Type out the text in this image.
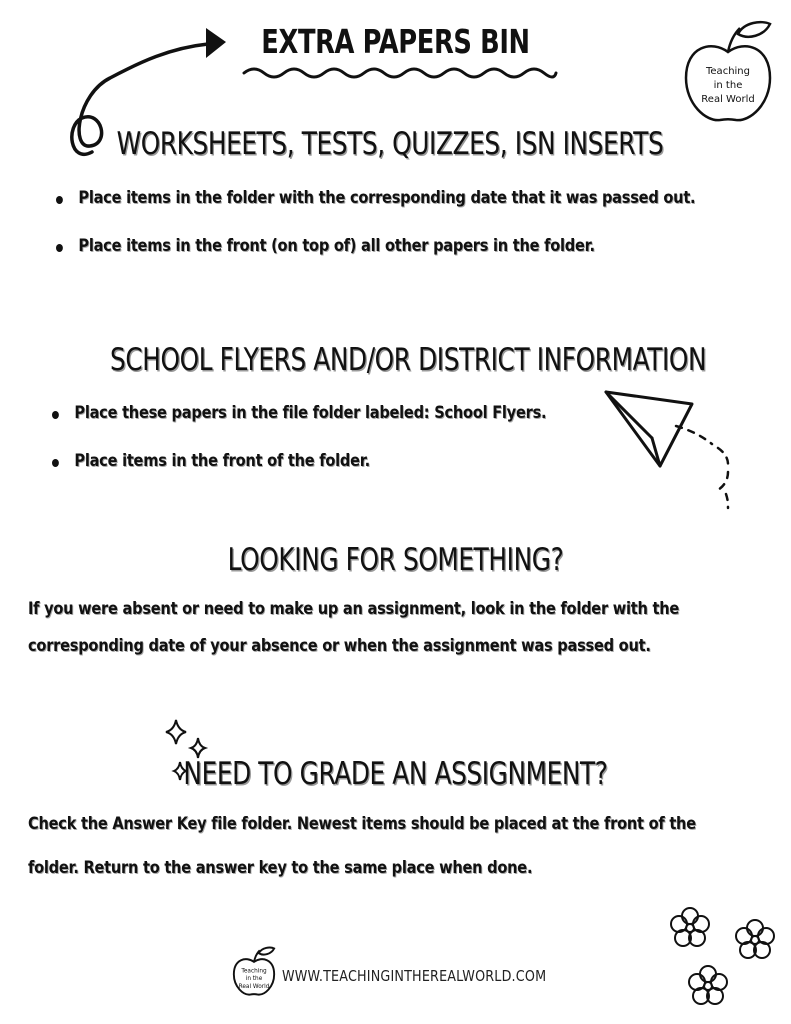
EXTRA PAPERS BIN
Teaching
in the
Real World
WORKSHEETS, TESTS, QUIZZES, ISN INSERTS
Place items in the folder with the corresponding date that it was passed out.
Place items in the front (on top of) all other papers in the folder.
SCHOOL FLYERS AND/OR DISTRICT INFORMATION
Place these papers in the file folder labeled: School Flyers.
Place items in the front of the folder.
LOOKING FOR SOMETHING?
If you were absent or need to make up an assignment, look in the folder with the
corresponding date of your absence or when the assignment was passed out.
NEED TO GRADE AN ASSIGNMENT?
Check the Answer Key file folder. Newest items should be placed at the front of the
folder. Return to the answer key to the same place when done.
Teaching
in the
Real World
WWW.TEACHINGINTHEREALWORLD.COM
